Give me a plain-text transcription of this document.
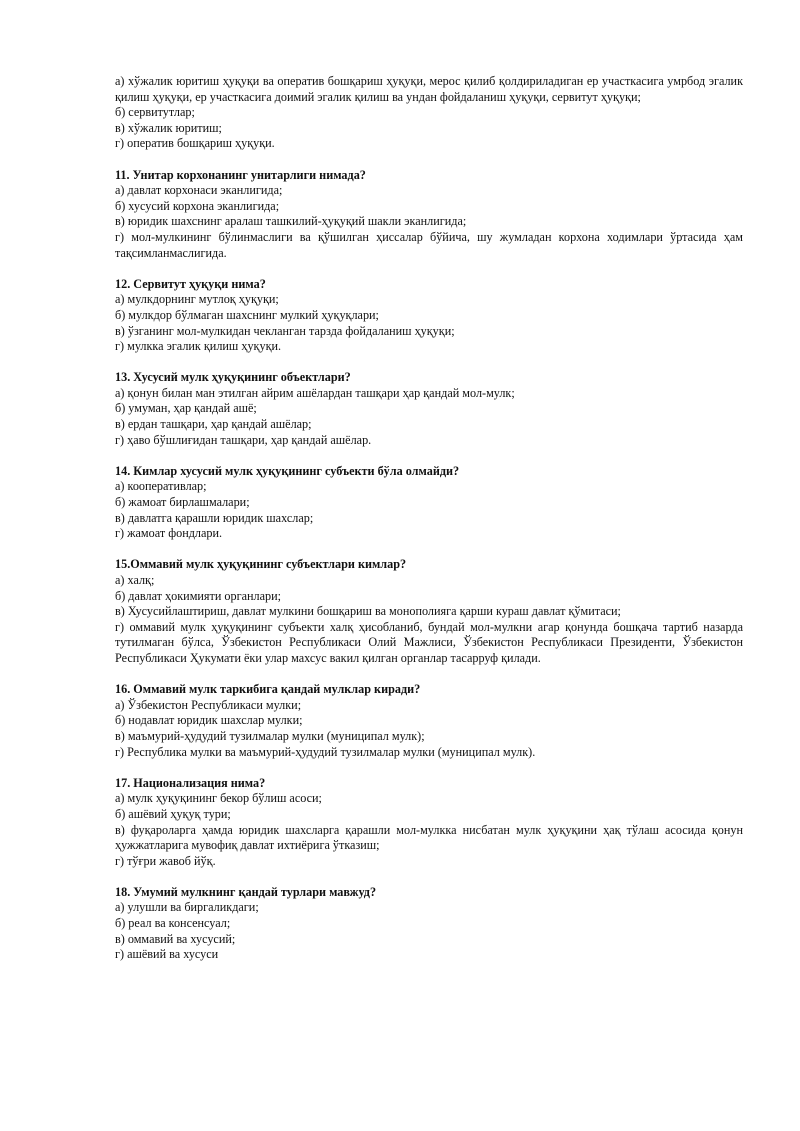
а) хўжалик юритиш ҳуқуқи ва оператив бошқариш ҳуқуқи, мерос қилиб қолдириладиган ер участкасига умрбод эгалик қилиш ҳуқуқи, ер участкасига доимий эгалик қилиш ва ундан фойдаланиш ҳуқуқи, сервитут ҳуқуқи;
б) сервитутлар;
в) хўжалик юритиш;
г) оператив бошқариш ҳуқуқи.
11. Унитар корхонанинг унитарлиги нимада?
а) давлат корхонаси эканлигида;
б) хусусий корхона эканлигида;
в) юридик шахснинг аралаш ташкилий-ҳуқуқий шакли эканлигида;
г) мол-мулкининг бўлинмаслиги ва қўшилган ҳиссалар бўйича, шу жумладан корхона ходимлари ўртасида ҳам тақсимланмаслигида.
12. Сервитут ҳуқуқи нима?
а) мулкдорнинг мутлоқ ҳуқуқи;
б) мулкдор бўлмаган шахснинг мулкий ҳуқуқлари;
в) ўзганинг мол-мулкидан чекланган тарзда фойдаланиш ҳуқуқи;
г) мулкка эгалик қилиш ҳуқуқи.
13. Хусусий мулк ҳуқуқининг объектлари?
а) қонун билан ман этилган айрим ашёлардан ташқари ҳар қандай мол-мулк;
б) умуман, ҳар қандай ашё;
в) ердан ташқари, ҳар қандай ашёлар;
г) ҳаво бўшлиғидан ташқари, ҳар қандай ашёлар.
14. Кимлар хусусий мулк ҳуқуқининг субъекти бўла олмайди?
а) кооперативлар;
б) жамоат бирлашмалари;
в) давлатга қарашли юридик шахслар;
г) жамоат фондлари.
15.Оммавий мулк ҳуқуқининг субъектлари кимлар?
а) халқ;
б) давлат ҳокимияти органлари;
в) Хусусийлаштириш, давлат мулкини бошқариш ва монополияга қарши кураш давлат қўмитаси;
г) оммавий мулк ҳуқуқининг субъекти халқ ҳисобланиб, бундай мол-мулкни агар қонунда бошқача тартиб назарда тутилмаган бўлса, Ўзбекистон Республикаси Олий Мажлиси, Ўзбекистон Республикаси Президенти, Ўзбекистон Республикаси Ҳукумати ёки улар махсус вакил қилган органлар тасарруф қилади.
16. Оммавий мулк таркибига қандай мулклар киради?
а) Ўзбекистон Республикаси мулки;
б) нодавлат юридик шахслар мулки;
в) маъмурий-ҳудудий тузилмалар мулки (муниципал мулк);
г) Республика мулки ва маъмурий-ҳудудий тузилмалар мулки (муниципал мулк).
17. Национализация нима?
а) мулк ҳуқуқининг бекор бўлиш асоси;
б) ашёвий ҳуқуқ тури;
в) фуқароларга ҳамда юридик шахсларга қарашли мол-мулкка нисбатан мулк ҳуқуқини ҳақ тўлаш асосида қонун ҳужжатларига мувофиқ давлат ихтиёрига ўтказиш;
г) тўғри жавоб йўқ.
18. Умумий мулкнинг қандай турлари мавжуд?
а) улушли ва биргаликдаги;
б) реал ва консенсуал;
в) оммавий ва хусусий;
г) ашёвий ва хусуси
